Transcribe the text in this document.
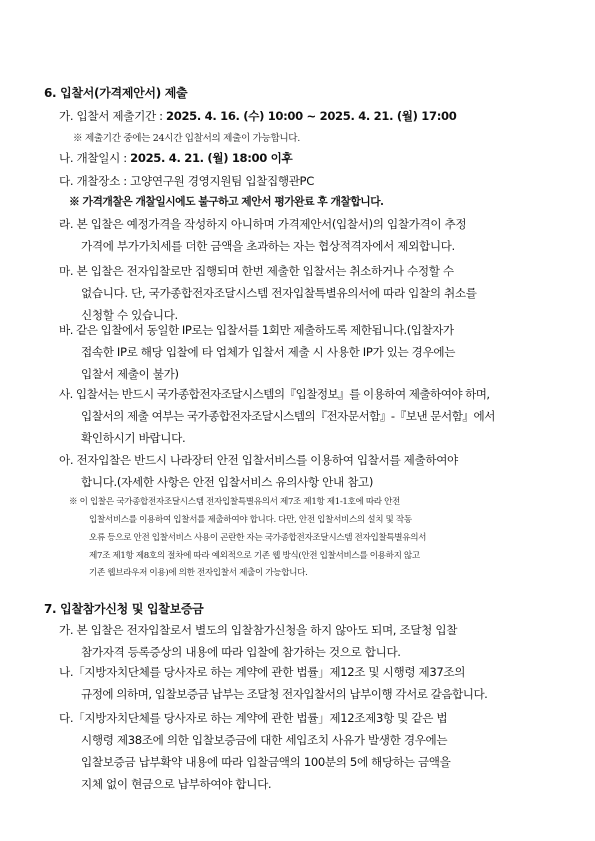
6. 입찰서(가격제안서) 제출
가. 입찰서 제출기간 : 2025. 4. 16. (수) 10:00 ~ 2025. 4. 21. (월) 17:00
※ 제출기간 중에는 24시간 입찰서의 제출이 가능합니다.
나. 개찰일시 : 2025. 4. 21. (월) 18:00 이후
다. 개찰장소 : 고양연구원 경영지원팀 입찰집행관PC
※ 가격개찰은 개찰일시에도 불구하고 제안서 평가완료 후 개찰합니다.
라. 본 입찰은 예정가격을 작성하지 아니하며 가격제안서(입찰서)의 입찰가격이 추정
가격에 부가가치세를 더한 금액을 초과하는 자는 협상적격자에서 제외합니다.
마. 본 입찰은 전자입찰로만 집행되며 한번 제출한 입찰서는 취소하거나 수정할 수
없습니다. 단, 국가종합전자조달시스템 전자입찰특별유의서에 따라 입찰의 취소를
신청할 수 있습니다.
바. 같은 입찰에서 동일한 IP로는 입찰서를 1회만 제출하도록 제한됩니다.(입찰자가
접속한 IP로 해당 입찰에 타 업체가 입찰서 제출 시 사용한 IP가 있는 경우에는
입찰서 제출이 불가)
사. 입찰서는 반드시 국가종합전자조달시스템의『입찰정보』를 이용하여 제출하여야 하며,
입찰서의 제출 여부는 국가종합전자조달시스템의『전자문서함』-『보낸 문서함』에서
확인하시기 바랍니다.
아. 전자입찰은 반드시 나라장터 안전 입찰서비스를 이용하여 입찰서를 제출하여야
합니다.(자세한 사항은 안전 입찰서비스 유의사항 안내 참고)
※ 이 입찰은 국가종합전자조달시스템 전자입찰특별유의서 제7조 제1항 제1-1호에 따라 안전
입찰서비스를 이용하여 입찰서를 제출하여야 합니다. 다만, 안전 입찰서비스의 설치 및 작동
오류 등으로 안전 입찰서비스 사용이 곤란한 자는 국가종합전자조달시스템 전자입찰특별유의서
제7조 제1항 제8호의 절차에 따라 예외적으로 기존 웹 방식(안전 입찰서비스를 이용하지 않고
기존 웹브라우저 이용)에 의한 전자입찰서 제출이 가능합니다.
7. 입찰참가신청 및 입찰보증금
가. 본 입찰은 전자입찰로서 별도의 입찰참가신청을 하지 않아도 되며, 조달청 입찰
참가자격 등록증상의 내용에 따라 입찰에 참가하는 것으로 합니다.
나.「지방자치단체를 당사자로 하는 계약에 관한 법률」제12조 및 시행령 제37조의
규정에 의하며, 입찰보증금 납부는 조달청 전자입찰서의 납부이행 각서로 갈음합니다.
다.「지방자치단체를 당사자로 하는 계약에 관한 법률」제12조제3항 및 같은 법
시행령 제38조에 의한 입찰보증금에 대한 세입조치 사유가 발생한 경우에는
입찰보증금 납부확약 내용에 따라 입찰금액의 100분의 5에 해당하는 금액을
지체 없이 현금으로 납부하여야 합니다.
